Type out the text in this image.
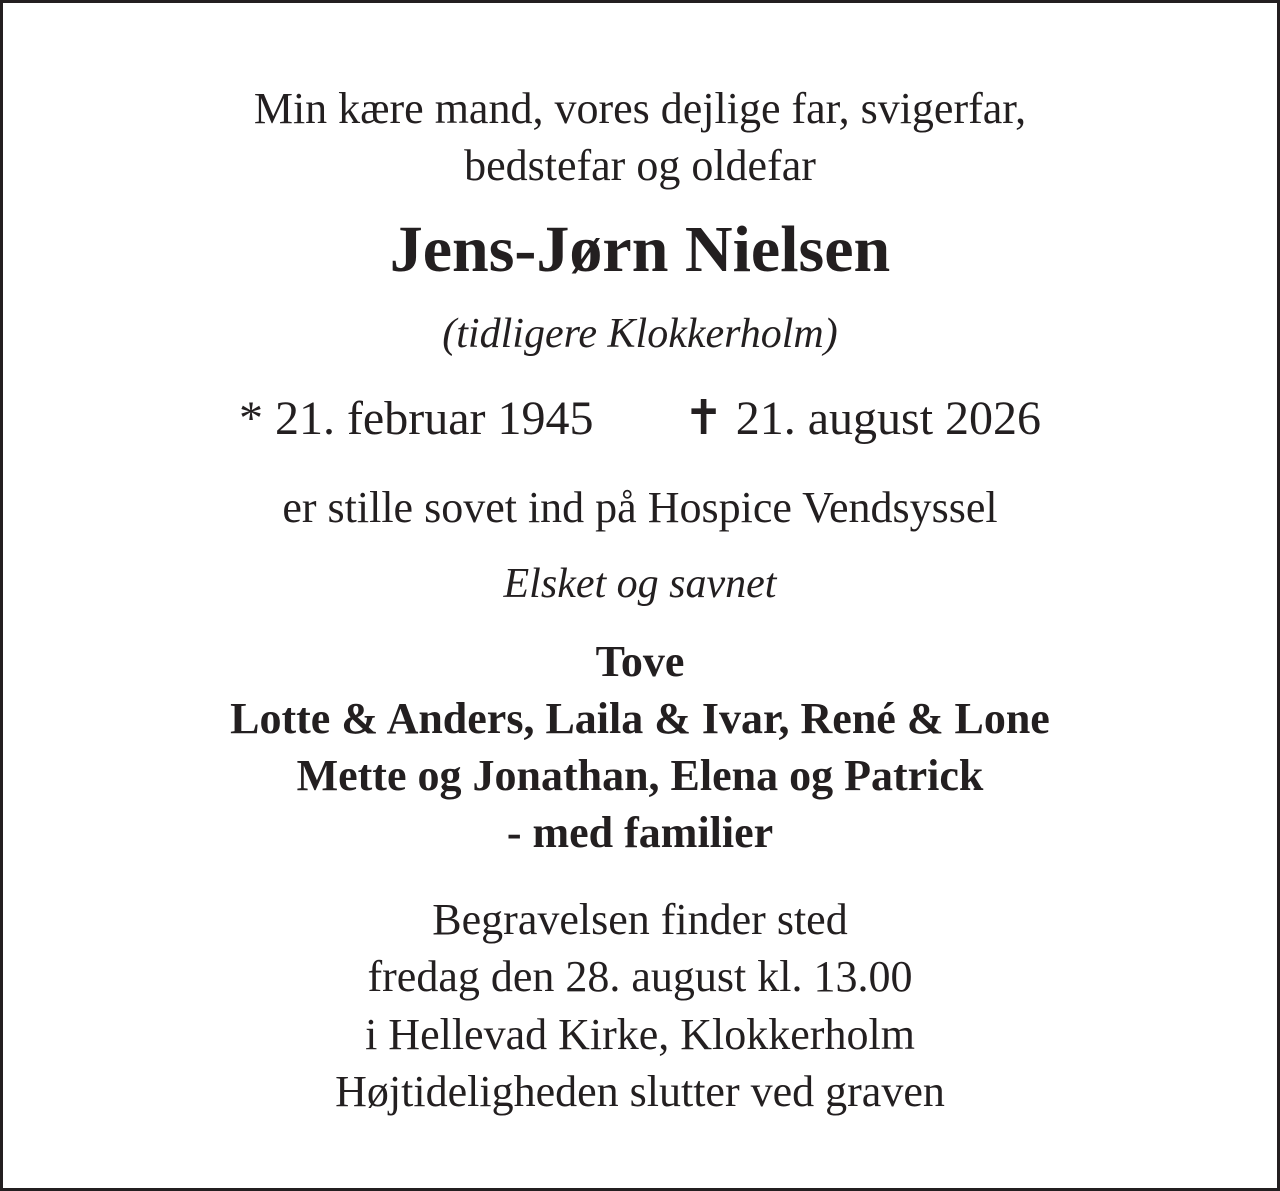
Min kære mand, vores dejlige far, svigerfar,

bedstefar og oldefar

Jens-Jørn Nielsen

(tidligere Klokkerholm)

* 21. februar 1945 ✝ 21. august 2026

er stille sovet ind på Hospice Vendsyssel

Elsket og savnet

Tove

Lotte & Anders, Laila & Ivar, René & Lone

Mette og Jonathan, Elena og Patrick

- med familier

Begravelsen finder sted

fredag den 28. august kl. 13.00

i Hellevad Kirke, Klokkerholm

Højtideligheden slutter ved graven
